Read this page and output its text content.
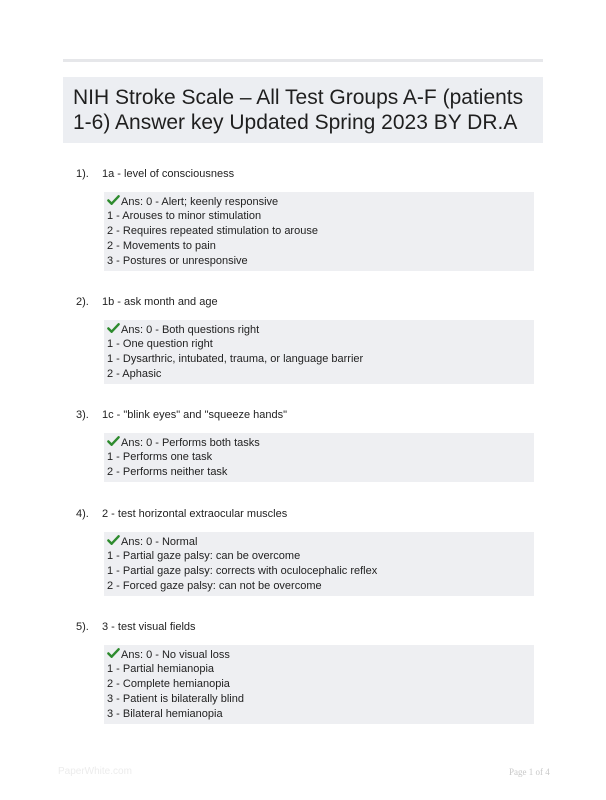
NIH Stroke Scale – All Test Groups A-F (patients 1-6) Answer key Updated Spring 2023 BY DR.A
1). 1a - level of consciousness
Ans: 0 - Alert; keenly responsive
1 - Arouses to minor stimulation
2 - Requires repeated stimulation to arouse
2 - Movements to pain
3 - Postures or unresponsive
2). 1b - ask month and age
Ans: 0 - Both questions right
1 - One question right
1 - Dysarthric, intubated, trauma, or language barrier
2 - Aphasic
3). 1c - "blink eyes" and "squeeze hands"
Ans: 0 - Performs both tasks
1 - Performs one task
2 - Performs neither task
4). 2 - test horizontal extraocular muscles
Ans: 0 - Normal
1 - Partial gaze palsy: can be overcome
1 - Partial gaze palsy: corrects with oculocephalic reflex
2 - Forced gaze palsy: can not be overcome
5). 3 - test visual fields
Ans: 0 - No visual loss
1 - Partial hemianopia
2 - Complete hemianopia
3 - Patient is bilaterally blind
3 - Bilateral hemianopia
PaperWhite.com	Page 1 of 4
